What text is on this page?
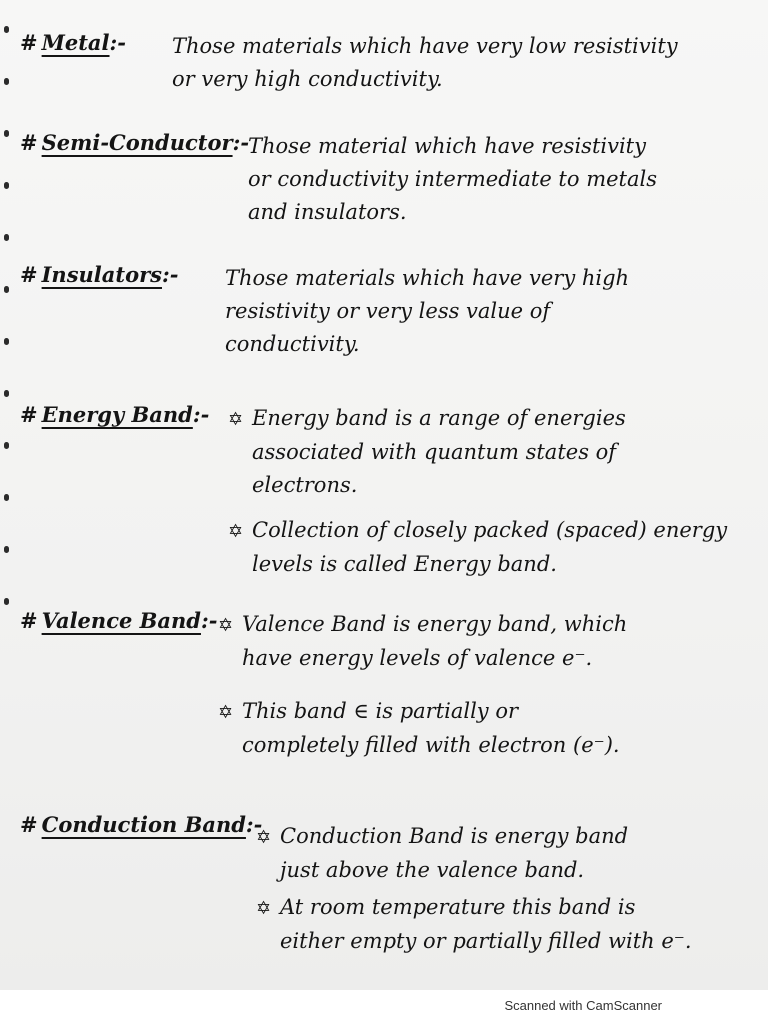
# Metal:- Those materials which have very low resistivity

or very high conductivity.

# Semi-Conductor:-

Those material which have resistivity

or conductivity intermediate to metals

and insulators.

# Insulators:- Those materials which have very high

resistivity or very less value of

conductivity.

# Energy Band:- ✡ Energy band is a range of energies

associated with quantum states of

electrons.

✡ Collection of closely packed (spaced) energy

levels is called Energy band.

# Valence Band:- ✡ Valence Band is energy band, which

have energy levels of valence e⁻.

✡ This band ∈ is partially or

completely filled with electron (e⁻).

# Conduction Band:-

✡ Conduction Band is energy band

just above the valence band.

✡ At room temperature this band is

either empty or partially filled with e⁻.

Scanned with CamScanner
